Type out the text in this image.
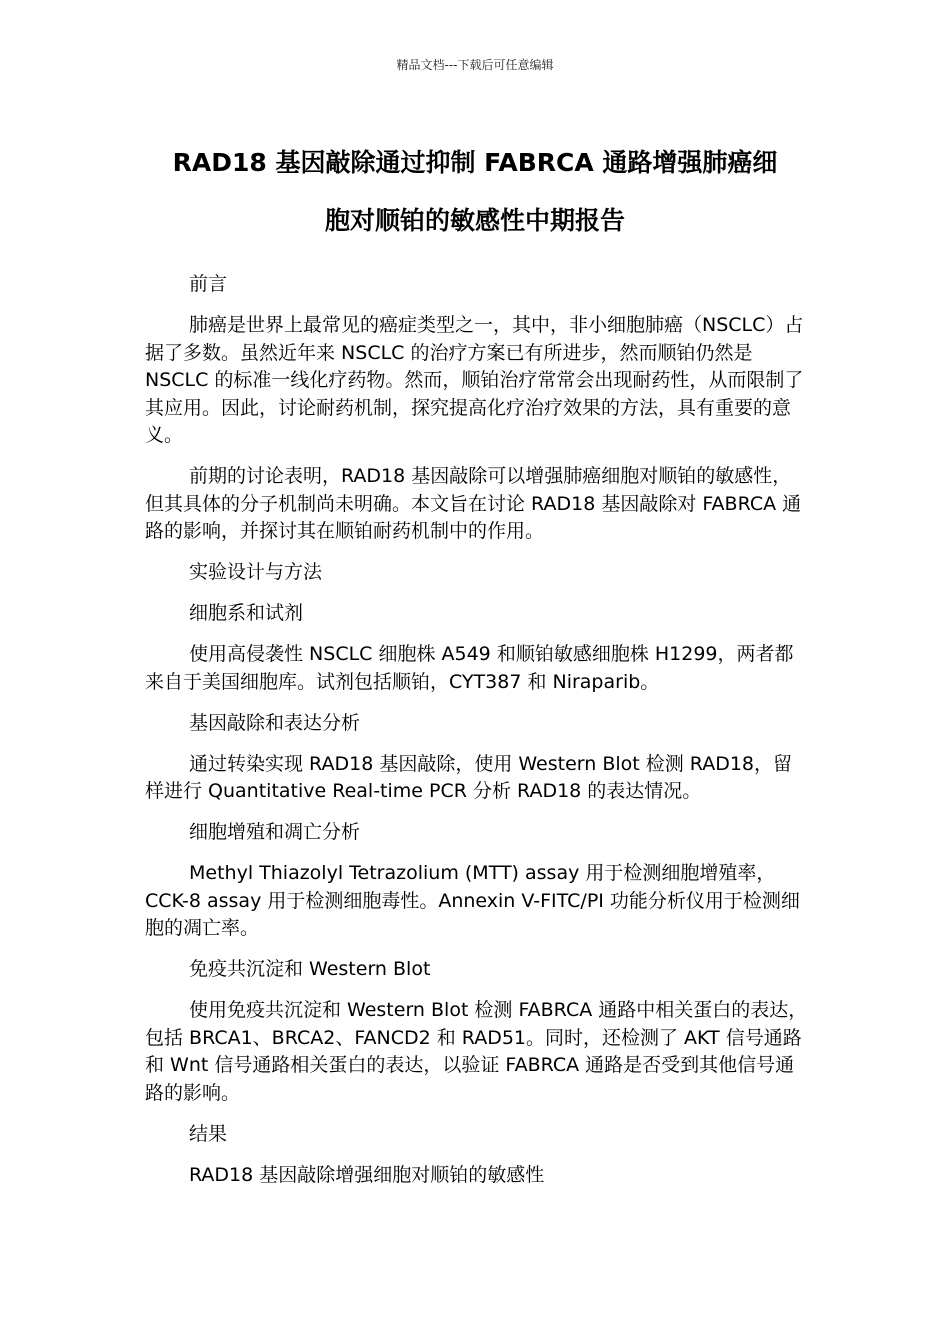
精品文档---下载后可任意编辑
RAD18 基因敲除通过抑制 FABRCA 通路增强肺癌细
胞对顺铂的敏感性中期报告
前言

肺癌是世界上最常见的癌症类型之一，其中，非小细胞肺癌（NSCLC）占据了多数。虽然近年来 NSCLC 的治疗方案已有所进步，然而顺铂仍然是 NSCLC 的标准一线化疗药物。然而，顺铂治疗常常会出现耐药性，从而限制了其应用。因此，讨论耐药机制，探究提高化疗治疗效果的方法，具有重要的意义。

前期的讨论表明，RAD18 基因敲除可以增强肺癌细胞对顺铂的敏感性，但其具体的分子机制尚未明确。本文旨在讨论 RAD18 基因敲除对 FABRCA 通路的影响，并探讨其在顺铂耐药机制中的作用。

实验设计与方法
细胞系和试剂

使用高侵袭性 NSCLC 细胞株 A549 和顺铂敏感细胞株 H1299，两者都来自于美国细胞库。试剂包括顺铂，CYT387 和 Niraparib。

基因敲除和表达分析

通过转染实现 RAD18 基因敲除，使用 Western Blot 检测 RAD18，留样进行 Quantitative Real-time PCR 分析 RAD18 的表达情况。

细胞增殖和凋亡分析

Methyl Thiazolyl Tetrazolium (MTT) assay 用于检测细胞增殖率，CCK-8 assay 用于检测细胞毒性。Annexin V-FITC/PI 功能分析仪用于检测细胞的凋亡率。

免疫共沉淀和 Western Blot

使用免疫共沉淀和 Western Blot 检测 FABRCA 通路中相关蛋白的表达，包括 BRCA1、BRCA2、FANCD2 和 RAD51。同时，还检测了 AKT 信号通路和 Wnt 信号通路相关蛋白的表达，以验证 FABRCA 通路是否受到其他信号通路的影响。

结果
RAD18 基因敲除增强细胞对顺铂的敏感性
